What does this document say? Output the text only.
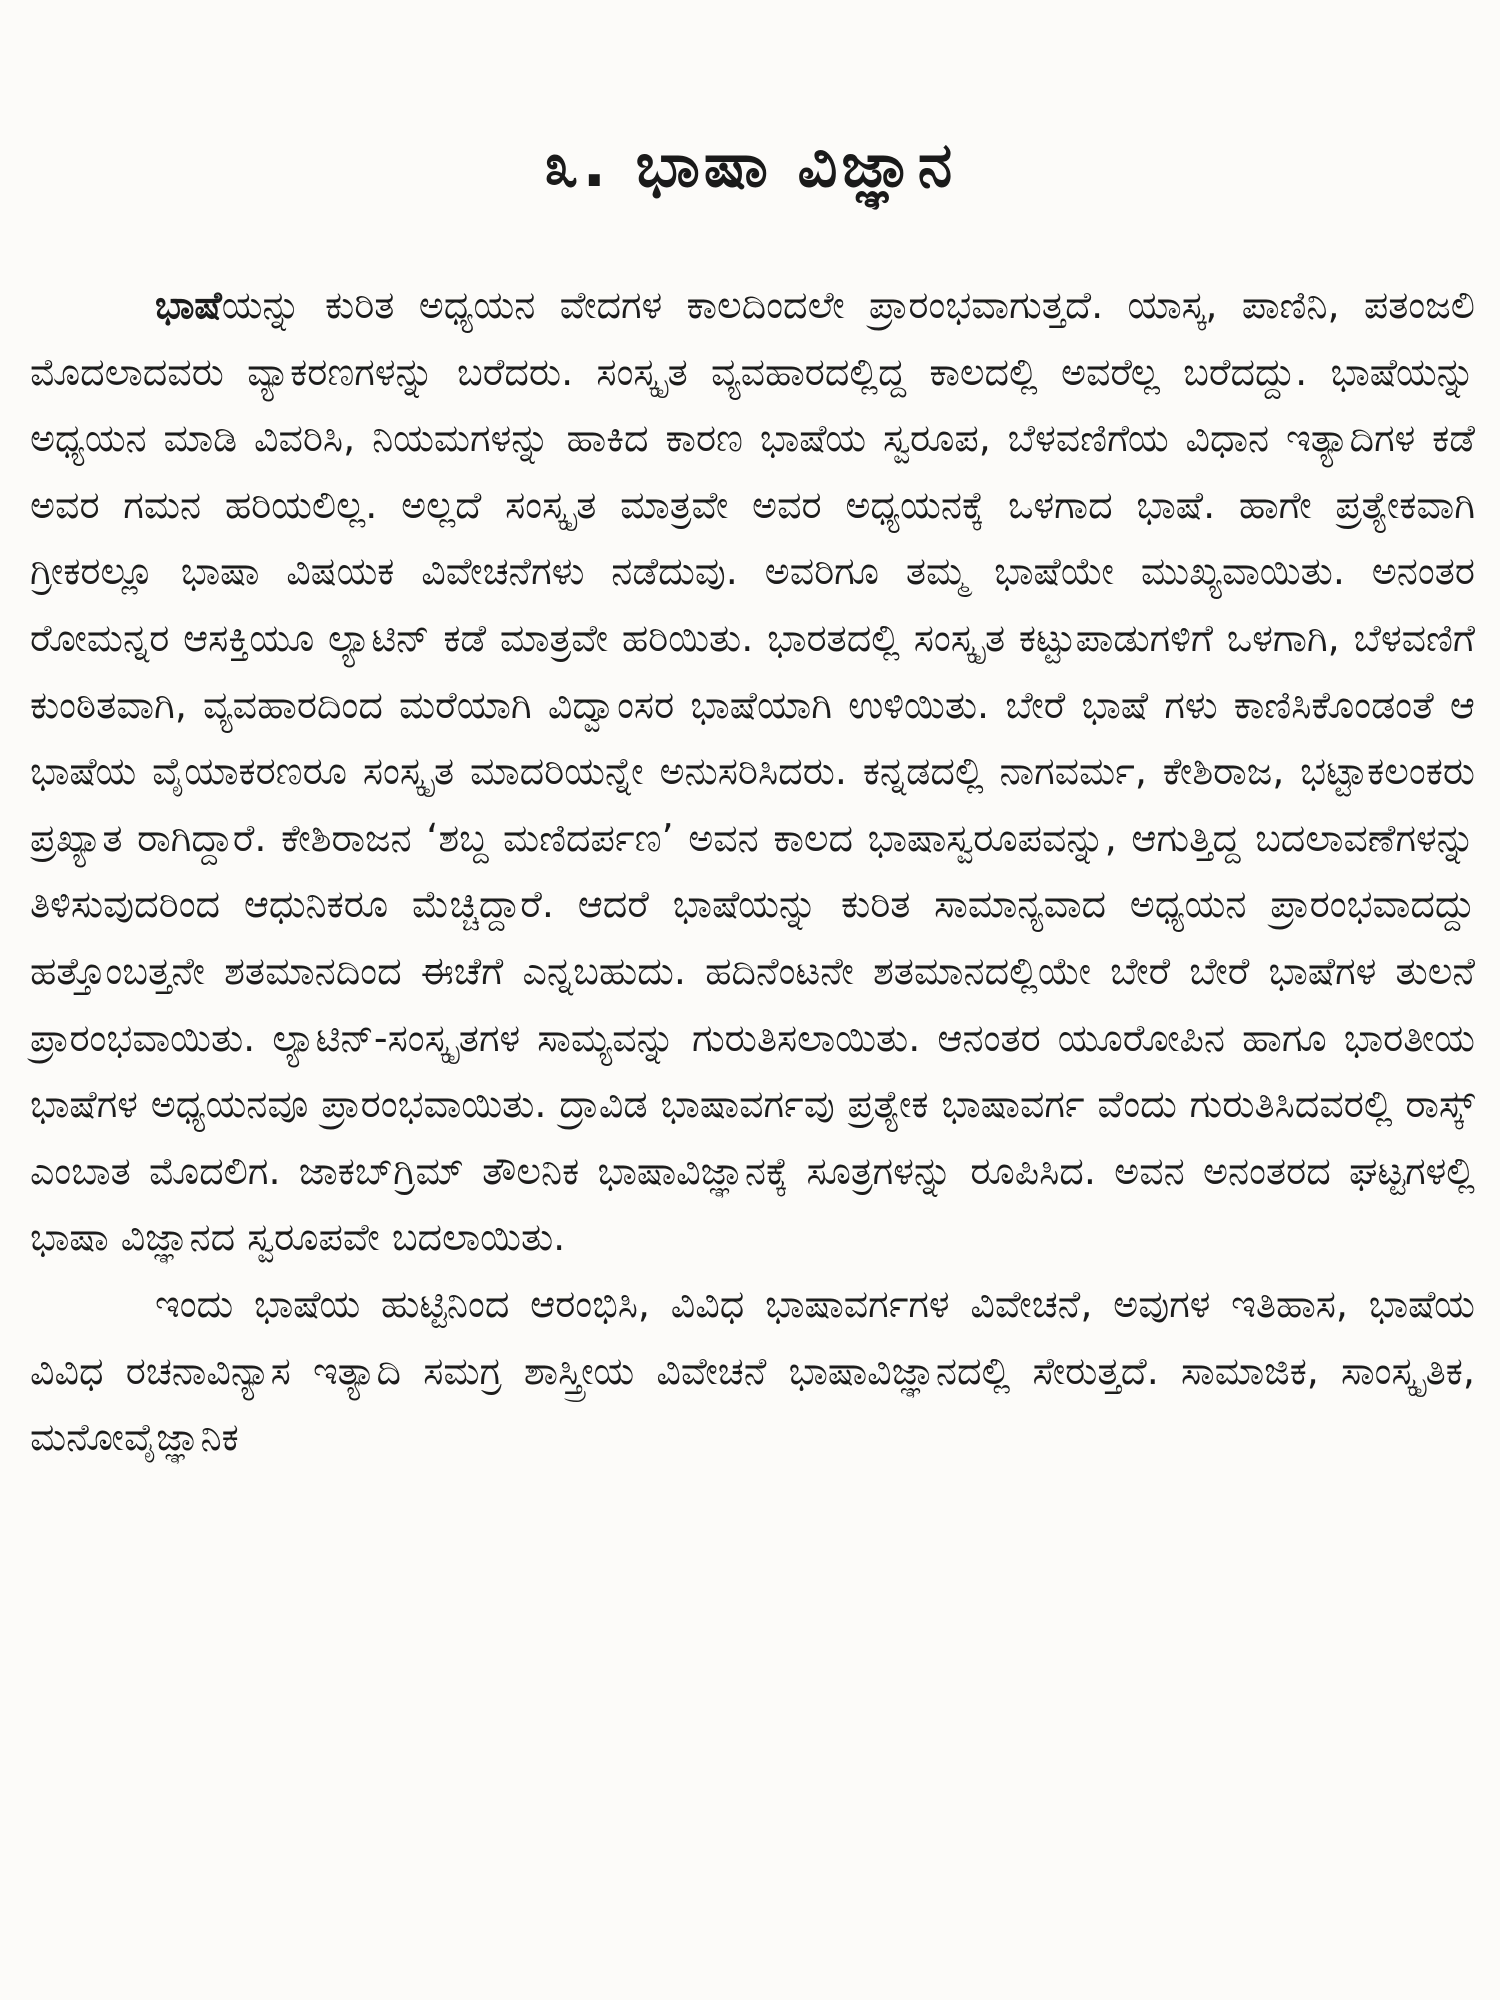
೩. ಭಾಷಾ ವಿಜ್ಞಾನ

ಭಾಷೆಯನ್ನು ಕುರಿತ ಅಧ್ಯಯನ ವೇದಗಳ ಕಾಲದಿಂದಲೇ ಪ್ರಾರಂಭವಾಗುತ್ತದೆ. ಯಾಸ್ಕ, ಪಾಣಿನಿ, ಪತಂಜಲಿ ಮೊದಲಾದವರು ವ್ಯಾಕರಣಗಳನ್ನು ಬರೆದರು. ಸಂಸ್ಕೃತ ವ್ಯವಹಾರದಲ್ಲಿದ್ದ ಕಾಲದಲ್ಲಿ ಅವರೆಲ್ಲ ಬರೆದದ್ದು. ಭಾಷೆಯನ್ನು ಅಧ್ಯಯನ ಮಾಡಿ ವಿವರಿಸಿ, ನಿಯಮಗಳನ್ನು ಹಾಕಿದ ಕಾರಣ ಭಾಷೆಯ ಸ್ವರೂಪ, ಬೆಳವಣಿಗೆಯ ವಿಧಾನ ಇತ್ಯಾದಿಗಳ ಕಡೆ ಅವರ ಗಮನ ಹರಿಯಲಿಲ್ಲ. ಅಲ್ಲದೆ ಸಂಸ್ಕೃತ ಮಾತ್ರವೇ ಅವರ ಅಧ್ಯಯನಕ್ಕೆ ಒಳಗಾದ ಭಾಷೆ. ಹಾಗೇ ಪ್ರತ್ಯೇಕವಾಗಿ ಗ್ರೀಕರಲ್ಲೂ ಭಾಷಾ ವಿಷಯಕ ವಿವೇಚನೆಗಳು ನಡೆದುವು. ಅವರಿಗೂ ತಮ್ಮ ಭಾಷೆಯೇ ಮುಖ್ಯವಾಯಿತು. ಅನಂತರ ರೋಮನ್ನರ ಆಸಕ್ತಿಯೂ ಲ್ಯಾಟಿನ್ ಕಡೆ ಮಾತ್ರವೇ ಹರಿಯಿತು. ಭಾರತದಲ್ಲಿ ಸಂಸ್ಕೃತ ಕಟ್ಟುಪಾಡುಗಳಿಗೆ ಒಳಗಾಗಿ, ಬೆಳವಣಿಗೆ ಕುಂಠಿತವಾಗಿ, ವ್ಯವಹಾರದಿಂದ ಮರೆಯಾಗಿ ವಿದ್ವಾಂಸರ ಭಾಷೆಯಾಗಿ ಉಳಿಯಿತು. ಬೇರೆ ಭಾಷೆ ಗಳು ಕಾಣಿಸಿಕೊಂಡಂತೆ ಆ ಭಾಷೆಯ ವೈಯಾಕರಣರೂ ಸಂಸ್ಕೃತ ಮಾದರಿಯನ್ನೇ ಅನುಸರಿಸಿದರು. ಕನ್ನಡದಲ್ಲಿ ನಾಗವರ್ಮ, ಕೇಶಿರಾಜ, ಭಟ್ಟಾಕಲಂಕರು ಪ್ರಖ್ಯಾತ ರಾಗಿದ್ದಾರೆ. ಕೇಶಿರಾಜನ ‘ಶಬ್ದ ಮಣಿದರ್ಪಣ’ ಅವನ ಕಾಲದ ಭಾಷಾಸ್ವರೂಪವನ್ನು, ಆಗುತ್ತಿದ್ದ ಬದಲಾವಣೆಗಳನ್ನು ತಿಳಿಸುವುದರಿಂದ ಆಧುನಿಕರೂ ಮೆಚ್ಚಿದ್ದಾರೆ. ಆದರೆ ಭಾಷೆಯನ್ನು ಕುರಿತ ಸಾಮಾನ್ಯವಾದ ಅಧ್ಯಯನ ಪ್ರಾರಂಭವಾದದ್ದು ಹತ್ತೊಂಬತ್ತನೇ ಶತಮಾನದಿಂದ ಈಚೆಗೆ ಎನ್ನಬಹುದು. ಹದಿನೆಂಟನೇ ಶತಮಾನದಲ್ಲಿಯೇ ಬೇರೆ ಬೇರೆ ಭಾಷೆಗಳ ತುಲನೆ ಪ್ರಾರಂಭವಾಯಿತು. ಲ್ಯಾಟಿನ್-ಸಂಸ್ಕೃತಗಳ ಸಾಮ್ಯವನ್ನು ಗುರುತಿಸಲಾಯಿತು. ಆನಂತರ ಯೂರೋಪಿನ ಹಾಗೂ ಭಾರತೀಯ ಭಾಷೆಗಳ ಅಧ್ಯಯನವೂ ಪ್ರಾರಂಭವಾಯಿತು. ದ್ರಾವಿಡ ಭಾಷಾವರ್ಗವು ಪ್ರತ್ಯೇಕ ಭಾಷಾವರ್ಗ ವೆಂದು ಗುರುತಿಸಿದವರಲ್ಲಿ ರಾಸ್ಕ್ ಎಂಬಾತ ಮೊದಲಿಗ. ಜಾಕಬ್‌ಗ್ರಿಮ್ ತೌಲನಿಕ ಭಾಷಾವಿಜ್ಞಾನಕ್ಕೆ ಸೂತ್ರಗಳನ್ನು ರೂಪಿಸಿದ. ಅವನ ಅನಂತರದ ಘಟ್ಟಗಳಲ್ಲಿ ಭಾಷಾ ವಿಜ್ಞಾನದ ಸ್ವರೂಪವೇ ಬದಲಾಯಿತು.

ಇಂದು ಭಾಷೆಯ ಹುಟ್ಟಿನಿಂದ ಆರಂಭಿಸಿ, ವಿವಿಧ ಭಾಷಾವರ್ಗಗಳ ವಿವೇಚನೆ, ಅವುಗಳ ಇತಿಹಾಸ, ಭಾಷೆಯ ವಿವಿಧ ರಚನಾವಿನ್ಯಾಸ ಇತ್ಯಾದಿ ಸಮಗ್ರ ಶಾಸ್ತ್ರೀಯ ವಿವೇಚನೆ ಭಾಷಾವಿಜ್ಞಾನದಲ್ಲಿ ಸೇರುತ್ತದೆ. ಸಾಮಾಜಿಕ, ಸಾಂಸ್ಕೃತಿಕ, ಮನೋವೈಜ್ಞಾನಿಕ
